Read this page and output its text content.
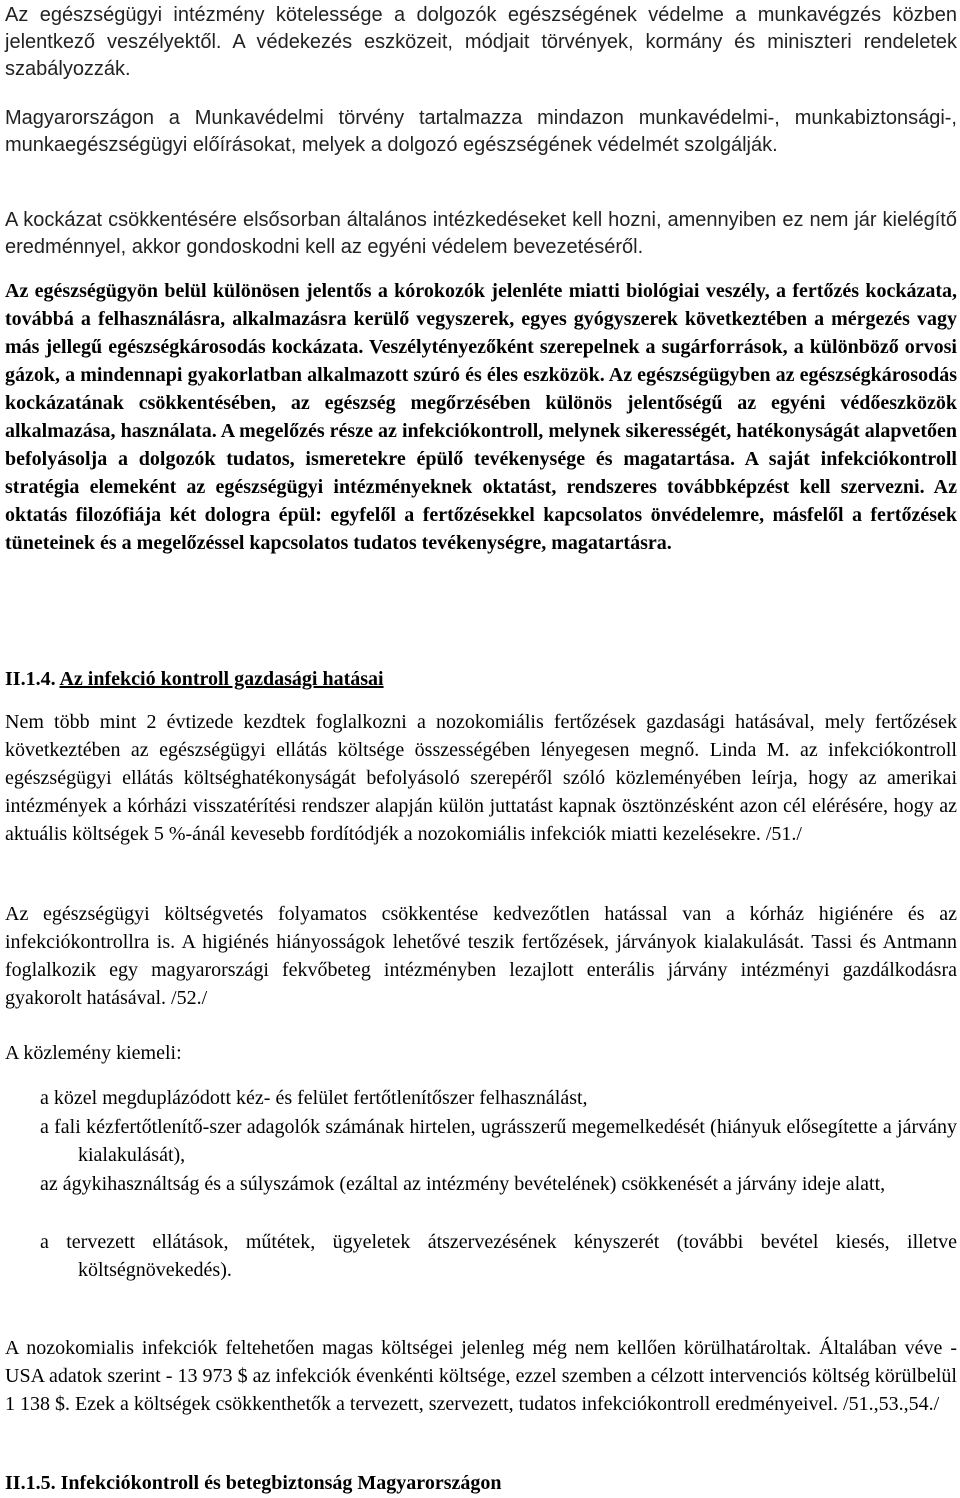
Az egészségügyi intézmény kötelessége a dolgozók egészségének védelme a munkavégzés közben jelentkező veszélyektől. A védekezés eszközeit, módjait törvények, kormány és miniszteri rendeletek szabályozzák.
Magyarországon a Munkavédelmi törvény tartalmazza mindazon munkavédelmi-, munkabiztonsági-, munkaegészségügyi előírásokat, melyek a dolgozó egészségének védelmét szolgálják.
A kockázat csökkentésére elsősorban általános intézkedéseket kell hozni, amennyiben ez nem jár kielégítő eredménnyel, akkor gondoskodni kell az egyéni védelem bevezetéséről.
Az egészségügyön belül különösen jelentős a kórokozók jelenléte miatti biológiai veszély, a fertőzés kockázata, továbbá a felhasználásra, alkalmazásra kerülő vegyszerek, egyes gyógyszerek következtében a mérgezés vagy más jellegű egészségkárosodás kockázata. Veszélytényezőként szerepelnek a sugárforrások, a különböző orvosi gázok, a mindennapi gyakorlatban alkalmazott szúró és éles eszközök. Az egészségügyben az egészségkárosodás kockázatának csökkentésében, az egészség megőrzésében különös jelentőségű az egyéni védőeszközök alkalmazása, használata. A megelőzés része az infekciókontroll, melynek sikerességét, hatékonyságát alapvetően befolyásolja a dolgozók tudatos, ismeretekre épülő tevékenysége és magatartása. A saját infekciókontroll stratégia elemeként az egészségügyi intézményeknek oktatást, rendszeres továbbképzést kell szervezni. Az oktatás filozófiája két dologra épül: egyfelől a fertőzésekkel kapcsolatos önvédelemre, másfelől a fertőzések tüneteinek és a megelőzéssel kapcsolatos tudatos tevékenységre, magatartásra.
II.1.4. Az infekció kontroll gazdasági hatásai
Nem több mint 2 évtizede kezdtek foglalkozni a nozokomiális fertőzések gazdasági hatásával, mely fertőzések következtében az egészségügyi ellátás költsége összességében lényegesen megnő. Linda M. az infekciókontroll egészségügyi ellátás költséghatékonyságát befolyásoló szerepéről szóló közleményében leírja, hogy az amerikai intézmények a kórházi visszatérítési rendszer alapján külön juttatást kapnak ösztönzésként azon cél elérésére, hogy az aktuális költségek 5 %-ánál kevesebb fordítódjék a nozokomiális infekciók miatti kezelésekre. /51./
Az egészségügyi költségvetés folyamatos csökkentése kedvezőtlen hatással van a kórház higiénére és az infekciókontrollra is. A higiénés hiányosságok lehetővé teszik fertőzések, járványok kialakulását. Tassi és Antmann foglalkozik egy magyarországi fekvőbeteg intézményben lezajlott enterális járvány intézményi gazdálkodásra gyakorolt hatásával. /52./
A közlemény kiemeli:
a közel megduplázódott kéz- és felület fertőtlenítőszer felhasználást,
a fali kézfertőtlenítő-szer adagolók számának hirtelen, ugrásszerű megemelkedését (hiányuk elősegítette a járvány kialakulását),
az ágykihasználtság és a súlyszámok (ezáltal az intézmény bevételének) csökkenését a járvány ideje alatt,
a tervezett ellátások, műtétek, ügyeletek átszervezésének kényszerét (további bevétel kiesés, illetve költségnövekedés).
A nozokomialis infekciók feltehetően magas költségei jelenleg még nem kellően körülhatároltak. Általában véve - USA adatok szerint - 13 973 $ az infekciók évenkénti költsége, ezzel szemben a célzott intervenciós költség körülbelül 1 138 $. Ezek a költségek csökkenthetők a tervezett, szervezett, tudatos infekciókontroll eredményeivel. /51.,53.,54./
II.1.5. Infekciókontroll és betegbiztonság Magyarországon
